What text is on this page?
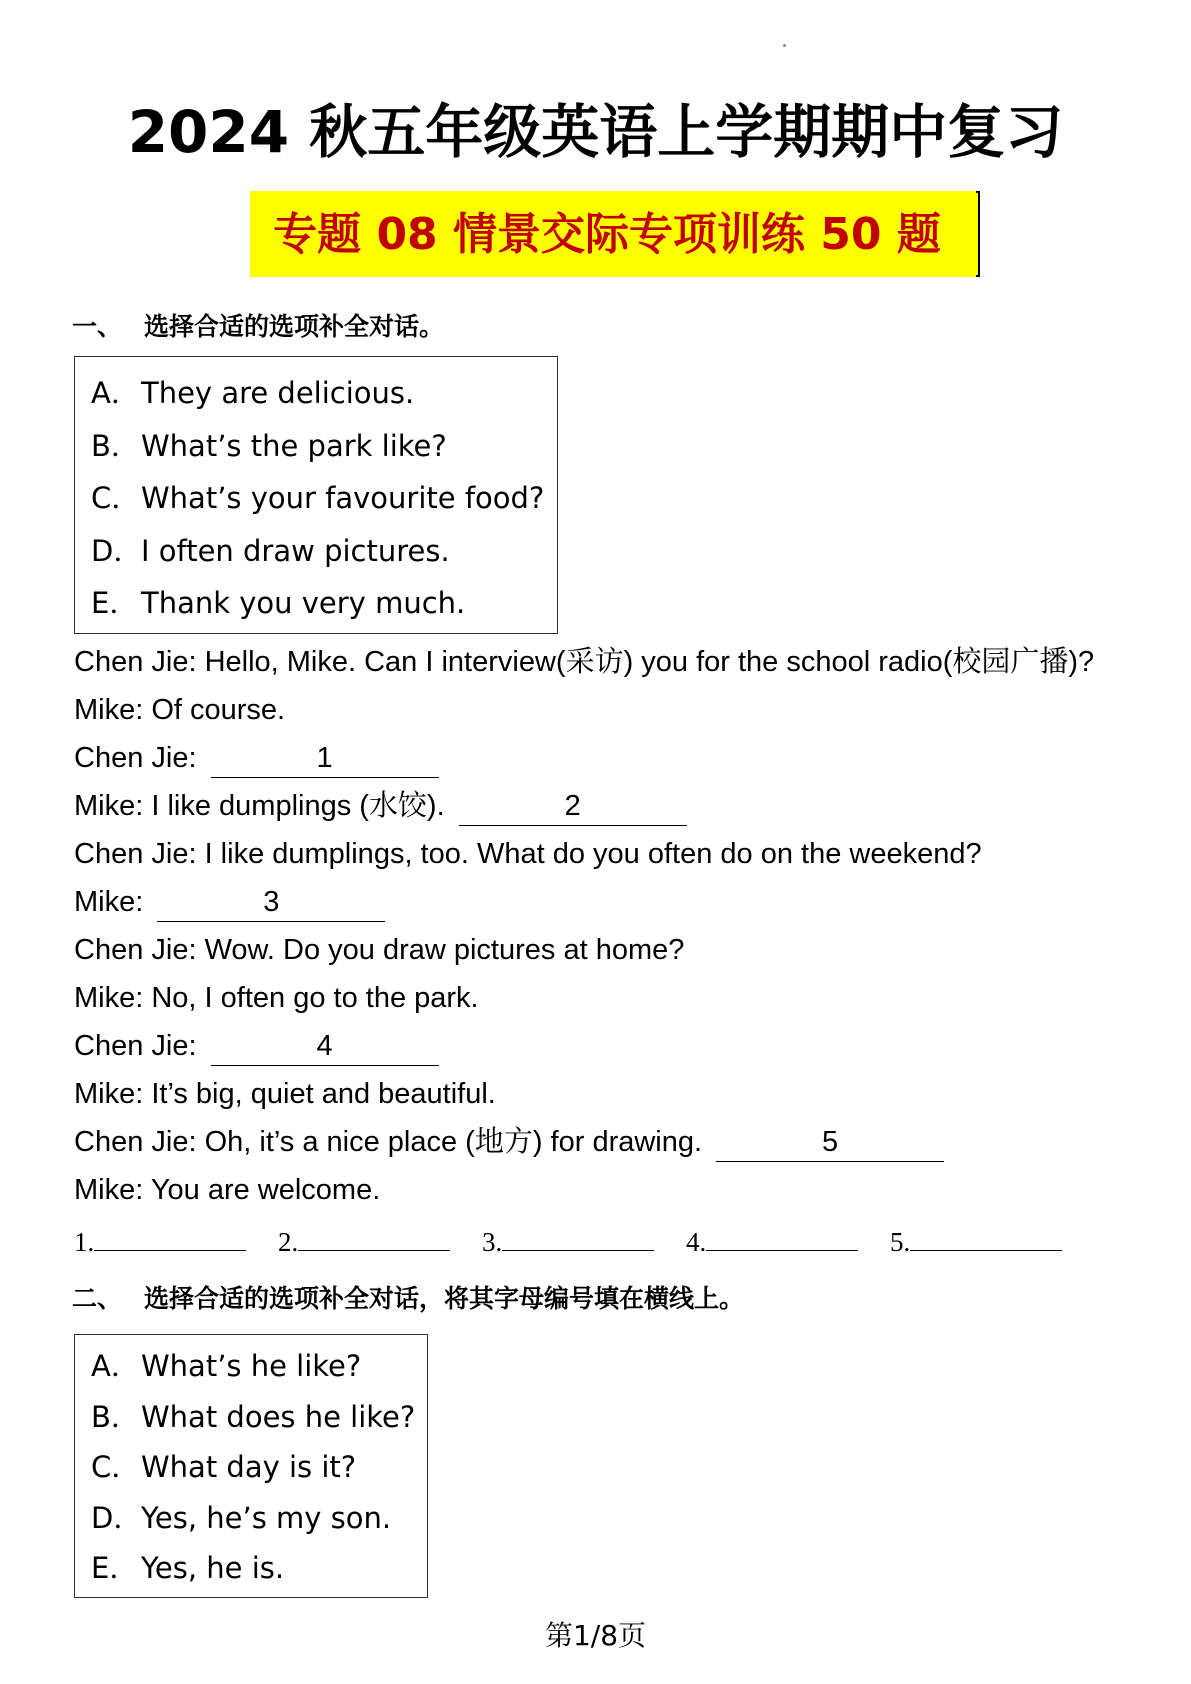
2024 秋五年级英语上学期期中复习
专题 08 情景交际专项训练 50 题
一、 选择合适的选项补全对话。
A．They are delicious.
B．What’s the park like?
C．What’s your favourite food?
D．I often draw pictures.
E．Thank you very much.
Chen Jie: Hello, Mike. Can I interview(采访) you for the school radio(校园广播)?
Mike: Of course.
Chen Jie:	1
Mike: I like dumplings (水饺).	2
Chen Jie: I like dumplings, too. What do you often do on the weekend?
Mike:	3
Chen Jie: Wow. Do you draw pictures at home?
Mike: No, I often go to the park.
Chen Jie:	4
Mike: It’s big, quiet and beautiful.
Chen Jie: Oh, it’s a nice place (地方) for drawing.	5
Mike: You are welcome.
1.	2.	3.	4.	5.
二、 选择合适的选项补全对话，将其字母编号填在横线上。
A．What’s he like?
B．What does he like?
C．What day is it?
D．Yes, he’s my son.
E．Yes, he is.
第1/8页
